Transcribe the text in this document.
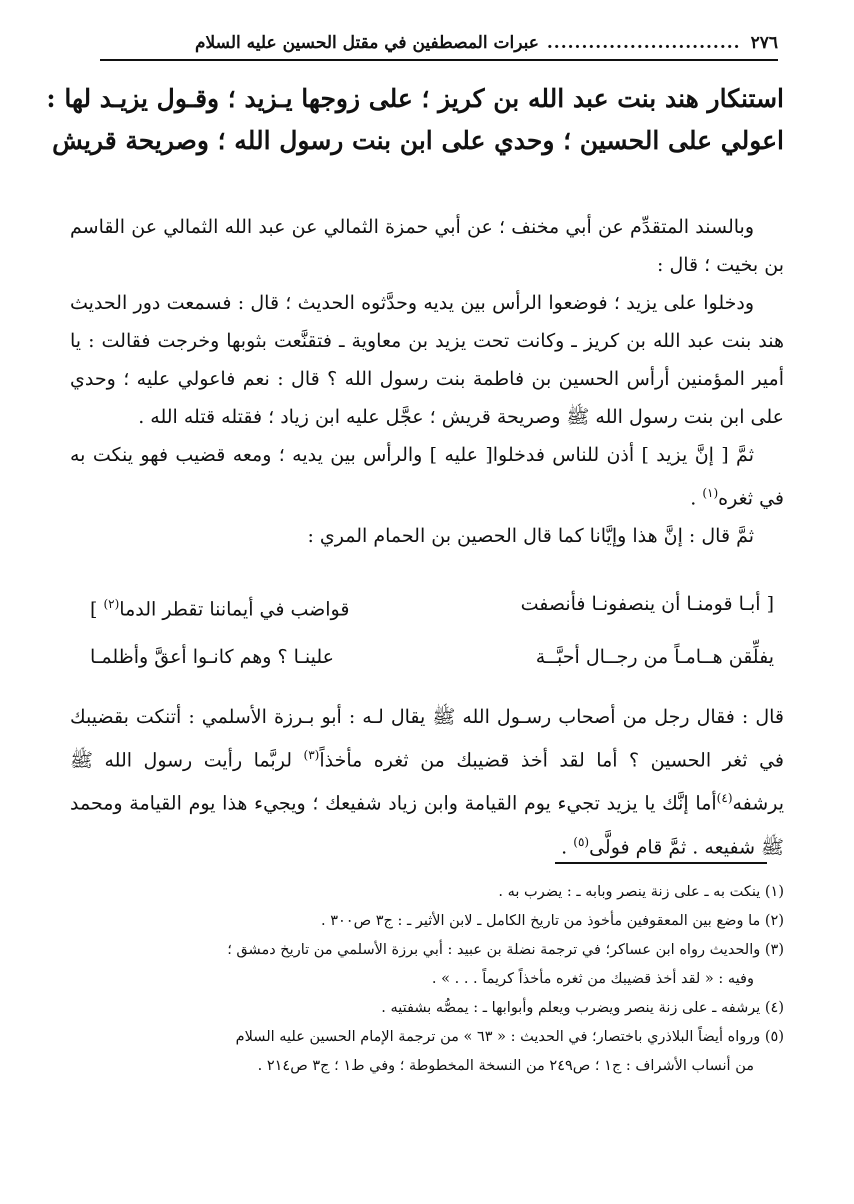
٢٧٦
............................
عبرات المصطفين في مقتل الحسين عليه السلام
استنكار هند بنت عبد الله بن كريز ؛ على زوجها يـزيد ؛ وقـول يزيـد لها :
اعولي على الحسين ؛ وحدي على ابن بنت رسول الله ؛ وصريحة قريش

وبالسند المتقدِّم عن أبي مخنف ؛ عن أبي حمزة الثمالي عن عبد الله الثمالي عن القاسم بن بخيت ؛ قال :

ودخلوا على يزيد ؛ فوضعوا الرأس بين يديه وحدَّثوه الحديث ؛ قال : فسمعت دور الحديث هند بنت عبد الله بن كريز ـ وكانت تحت يزيد بن معاوية ـ فتقنَّعت بثوبها وخرجت فقالت : يا أمير المؤمنين أرأس الحسين بن فاطمة بنت رسول الله ؟ قال : نعم فاعولي عليه ؛ وحدي على ابن بنت رسول الله ﷺ وصريحة قريش ؛ عجَّل عليه ابن زياد ؛ فقتله قتله الله .

ثمَّ [ إنَّ يزيد ] أذن للناس فدخلوا[ عليه ] والرأس بين يديه ؛ ومعه قضيب فهو ينكت به في ثغره$^{(١)}$ .

ثمَّ قال : إنَّ هذا وإيَّانا كما قال الحصين بن الحمام المري :

[ أبـا قومنـا أن ينصفونـا فأنصفت
قواضب في أيماننا تقطر الدما$^{(٢)}$ ]
يفلِّقن هــامـاً من رجــال أحبَّــة
علينـا ؟ وهم كانـوا أعقَّ وأظلمـا

قال : فقال رجل من أصحاب رسـول الله ﷺ يقال لـه : أبو بـرزة الأسلمي : أتنكت بقضيبك في ثغر الحسين ؟ أما لقد أخذ قضيبك من ثغره مأخذاً$^{(٣)}$ لربَّما رأيت رسول الله ﷺ يرشفه$^{(٤)}$أما إنَّك يا يزيد تجيء يوم القيامة وابن زياد شفيعك ؛ ويجيء هذا يوم القيامة ومحمد ﷺ شفيعه . ثمَّ قام فولَّى$^{(٥)}$ .

(١) ينكت به ـ على زنة ينصر وبابه ـ : يضرب به .

(٢) ما وضع بين المعقوفين مأخوذ من تاريخ الكامل ـ لابن الأثير ـ : ج٣ ص٣٠٠ .

(٣) والحديث رواه ابن عساكر؛ في ترجمة نضلة بن عبيد : أبي برزة الأسلمي من تاريخ دمشق ؛

وفيه : « لقد أخذ قضيبك من ثغره مأخذاً كريماً . . . » .

(٤) يرشفه ـ على زنة ينصر ويضرب ويعلم وأبوابها ـ : يمصُّه بشفتيه .

(٥) ورواه أيضاً البلاذري باختصار؛ في الحديث : « ٦٣ » من ترجمة الإمام الحسين عليه السلام

من أنساب الأشراف : ج١ ؛ ص٢٤٩ من النسخة المخطوطة ؛ وفي ط١ ؛ ج٣ ص٢١٤ .
